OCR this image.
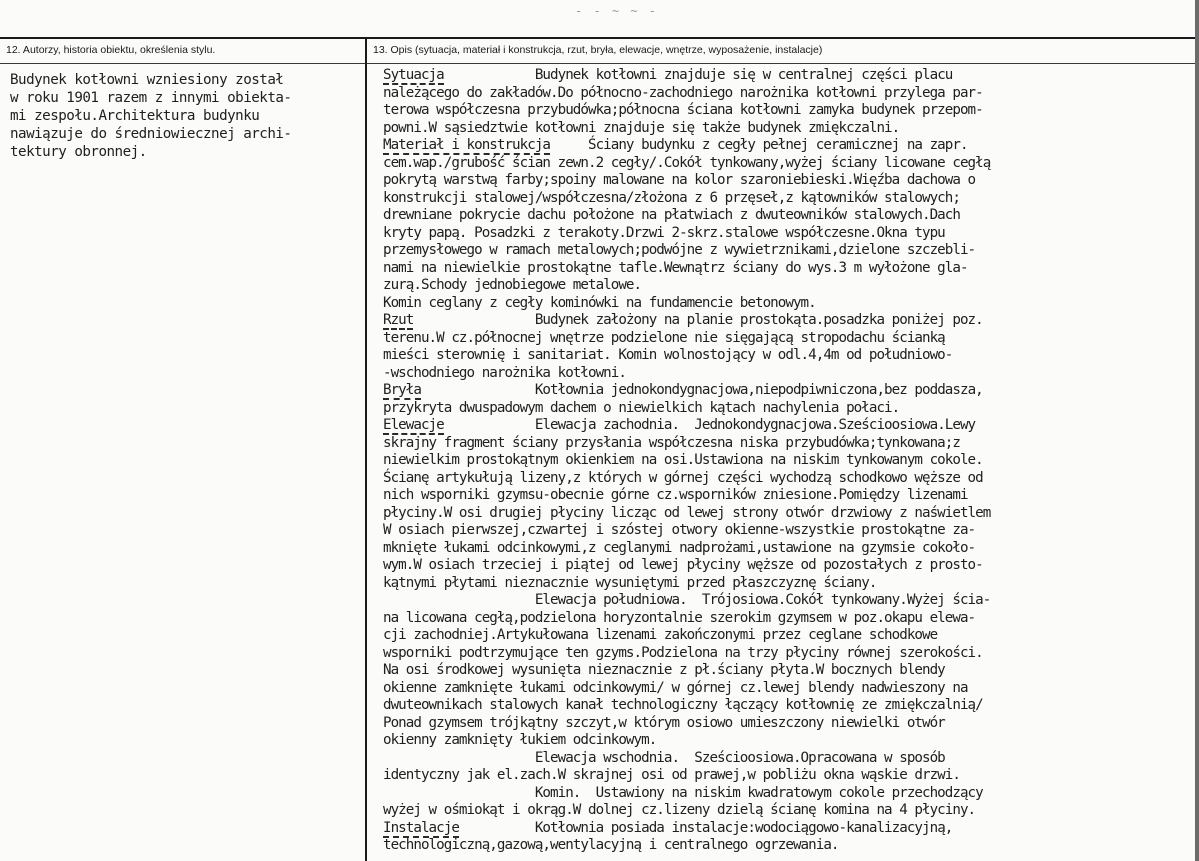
- - ~ ~ -
12. Autorzy, historia obiektu, określenia stylu.	13. Opis (sytuacja, materiał i konstrukcja, rzut, bryła, elewacje, wnętrze, wyposażenie, instalacje)
Budynek kotłowni wzniesiony został
w roku 1901 razem z innymi obiekta-
mi zespołu.Architektura budynku
nawiązuje do średniowiecznej archi-
tektury obronnej.
Sytuacja            Budynek kotłowni znajduje się w centralnej części placu
należącego do zakładów.Do północno-zachodniego narożnika kotłowni przylega par-
terowa współczesna przybudówka;północna ściana kotłowni zamyka budynek przepom-
powni.W sąsiedztwie kotłowni znajduje się także budynek zmiękczalni.
Materiał i konstrukcja     Ściany budynku z cegły pełnej ceramicznej na zapr.
cem.wap./grubość ścian zewn.2 cegły/.Cokół tynkowany,wyżej ściany licowane cegłą
pokrytą warstwą farby;spoiny malowane na kolor szaroniebieski.Więźba dachowa o
konstrukcji stalowej/współczesna/złożona z 6 przęseł,z kątowników stalowych;
drewniane pokrycie dachu położone na płatwiach z dwuteowników stalowych.Dach
kryty papą. Posadzki z terakoty.Drzwi 2-skrz.stalowe współczesne.Okna typu
przemysłowego w ramach metalowych;podwójne z wywietrznikami,dzielone szczebli-
nami na niewielkie prostokątne tafle.Wewnątrz ściany do wys.3 m wyłożone gla-
zurą.Schody jednobiegowe metalowe.
Komin ceglany z cegły kominówki na fundamencie betonowym.
Rzut                Budynek założony na planie prostokąta.posadzka poniżej poz.
terenu.W cz.północnej wnętrze podzielone nie sięgającą stropodachu ścianką
mieści sterownię i sanitariat. Komin wolnostojący w odl.4,4m od południowo-
-wschodniego narożnika kotłowni.
Bryła               Kotłownia jednokondygnacjowa,niepodpiwniczona,bez poddasza,
przykryta dwuspadowym dachem o niewielkich kątach nachylenia połaci.
Elewacje            Elewacja zachodnia.  Jednokondygnacjowa.Sześcioosiowa.Lewy
skrajny fragment ściany przysłania współczesna niska przybudówka;tynkowana;z
niewielkim prostokątnym okienkiem na osi.Ustawiona na niskim tynkowanym cokole.
Ścianę artykułują lizeny,z których w górnej części wychodzą schodkowo węższe od
nich wsporniki gzymsu-obecnie górne cz.wsporników zniesione.Pomiędzy lizenami
płyciny.W osi drugiej płyciny licząc od lewej strony otwór drzwiowy z naświetlem
W osiach pierwszej,czwartej i szóstej otwory okienne-wszystkie prostokątne za-
mknięte łukami odcinkowymi,z ceglanymi nadprożami,ustawione na gzymsie cokoło-
wym.W osiach trzeciej i piątej od lewej płyciny węższe od pozostałych z prosto-
kątnymi płytami nieznacznie wysuniętymi przed płaszczyznę ściany.
Elewacja południowa.  Trójosiowa.Cokół tynkowany.Wyżej ścia-
na licowana cegłą,podzielona horyzontalnie szerokim gzymsem w poz.okapu elewa-
cji zachodniej.Artykułowana lizenami zakończonymi przez ceglane schodkowe
wsporniki podtrzymujące ten gzyms.Podzielona na trzy płyciny równej szerokości.
Na osi środkowej wysunięta nieznacznie z pł.ściany płyta.W bocznych blendy
okienne zamknięte łukami odcinkowymi/ w górnej cz.lewej blendy nadwieszony na
dwuteownikach stalowych kanał technologiczny łączący kotłownię ze zmiękczalnią/
Ponad gzymsem trójkątny szczyt,w którym osiowo umieszczony niewielki otwór
okienny zamknięty łukiem odcinkowym.
Elewacja wschodnia.  Sześcioosiowa.Opracowana w sposób
identyczny jak el.zach.W skrajnej osi od prawej,w pobliżu okna wąskie drzwi.
Komin.  Ustawiony na niskim kwadratowym cokole przechodzący
wyżej w ośmiokąt i okrąg.W dolnej cz.lizeny dzielą ścianę komina na 4 płyciny.
Instalacje          Kotłownia posiada instalacje:wodociągowo-kanalizacyjną,
technologiczną,gazową,wentylacyjną i centralnego ogrzewania.
